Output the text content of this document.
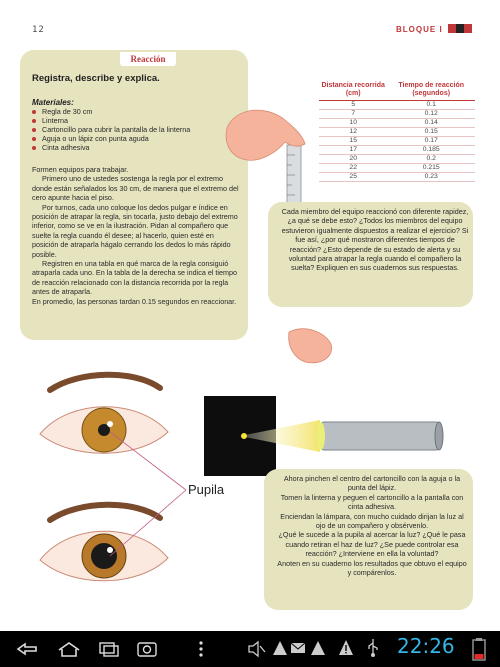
12	BLOQUE I
Reacción
Registra, describe y explica.
Materiales:
Regla de 30 cm
Linterna
Cartoncillo para cubrir la pantalla de la linterna
Aguja o un lápiz con punta aguda
Cinta adhesiva

Formen equipos para trabajar.

Primero uno de ustedes sostenga la regla por el extremo donde están señalados los 30 cm, de manera que el extremo del cero apunte hacia el piso.

Por turnos, cada uno coloque los dedos pulgar e índice en posición de atrapar la regla, sin tocarla, justo debajo del extremo inferior, como se ve en la ilustración. Pidan al compañero que suelte la regla cuando él desee; al hacerlo, quien esté en posición de atraparla hágalo cerrando los dedos lo más rápido posible.

Registren en una tabla en qué marca de la regla consiguió atraparla cada uno. En la tabla de la derecha se indica el tiempo de reacción relacionado con la distancia recorrida por la regla antes de atraparla.

En promedio, las personas tardan 0.15 segundos en reaccionar.

Distancia recorrida (cm)	Tiempo de reacción (segundos)
5	0.1
7	0.12
10	0.14
12	0.15
15	0.17
17	0.185
20	0.2
22	0.215
25	0.23

Cada miembro del equipo reaccionó con diferente rapidez, ¿a qué se debe esto? ¿Todos los miembros del equipo estuvieron igualmente dispuestos a realizar el ejercicio? Si fue así, ¿por qué mostraron diferentes tiempos de reacción? ¿Esto depende de su estado de alerta y su voluntad para atrapar la regla cuando el compañero la suelta? Expliquen en sus cuadernos sus respuestas.

Pupila

Ahora pinchen el centro del cartoncillo con la aguja o la punta del lápiz.

Tomen la linterna y peguen el cartoncillo a la pantalla con cinta adhesiva.

Enciendan la lámpara, con mucho cuidado dirijan la luz al ojo de un compañero y obsérvenlo.

¿Qué le sucede a la pupila al acercar la luz? ¿Qué le pasa cuando retiran el haz de luz? ¿Se puede controlar esa reacción? ¿Interviene en ella la voluntad?

Anoten en su cuaderno los resultados que obtuvo el equipo y compárenlos.

22:26
